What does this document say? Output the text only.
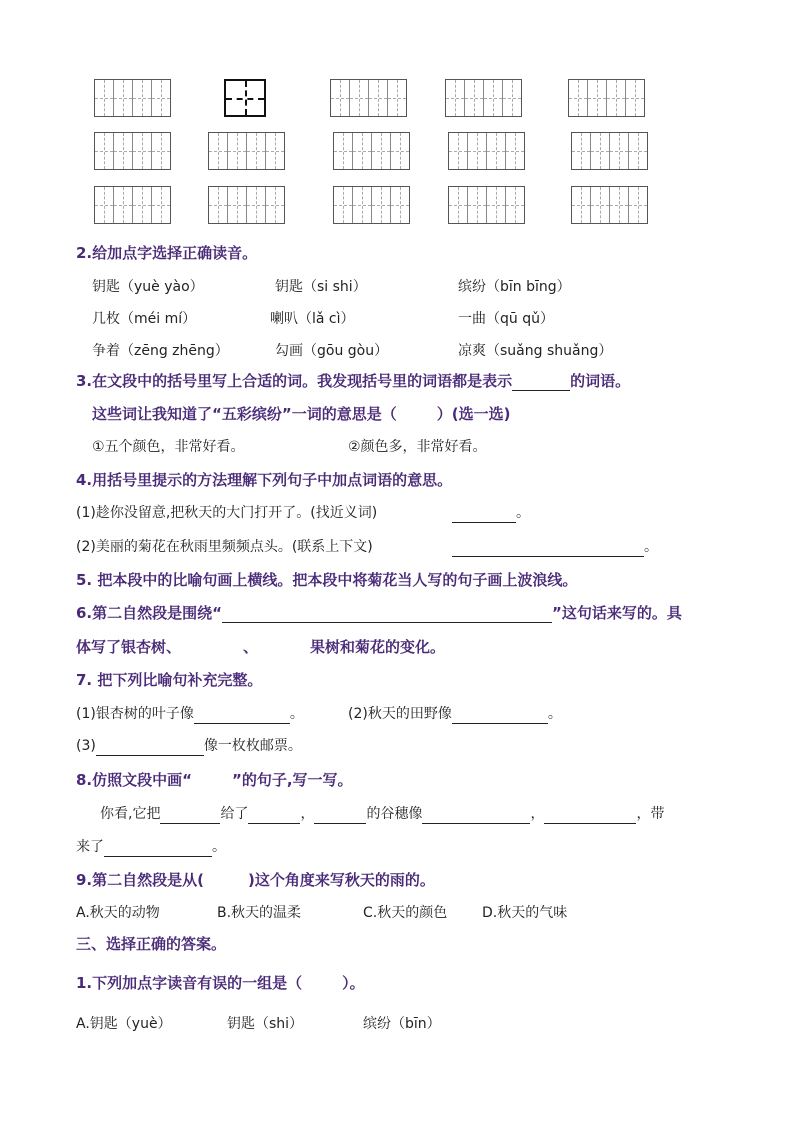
2.给加点字选择正确读音。
钥匙（yuè yào）	钥匙（si shi）	缤纷（bīn bīng）
几枚（méi mí）	喇叭（lǎ cì）	一曲（qū qǔ）
争着（zēng zhēng）	勾画（gōu gòu）	凉爽（suǎng shuǎng）
3.在文段中的括号里写上合适的词。我发现括号里的词语都是表示	的词语。
这些词让我知道了“五彩缤纷”一词的意思是（	）(选一选)
①五个颜色，非常好看。	②颜色多，非常好看。
4.用括号里提示的方法理解下列句子中加点词语的意思。
(1)趁你没留意,把秋天的大门打开了。(找近义词)	。
(2)美丽的菊花在秋雨里频频点头。(联系上下文)	。
5. 把本段中的比喻句画上横线。把本段中将菊花当人写的句子画上波浪线。
6.第二自然段是围绕“	”这句话来写的。具
体写了银杏树、	、	果树和菊花的变化。
7. 把下列比喻句补充完整。
(1)银杏树的叶子像	。	(2)秋天的田野像	。
(3)	像一枚枚邮票。
8.仿照文段中画“	”的句子,写一写。
你看,它把	给了	，	的谷穗像	，	，带
来了	。
9.第二自然段是从(	)这个角度来写秋天的雨的。
A.秋天的动物	B.秋天的温柔	C.秋天的颜色 D.秋天的气味
三、选择正确的答案。
1.下列加点字读音有误的一组是（	）。
A.钥匙（yuè）	钥匙（shi）	缤纷（bīn）
